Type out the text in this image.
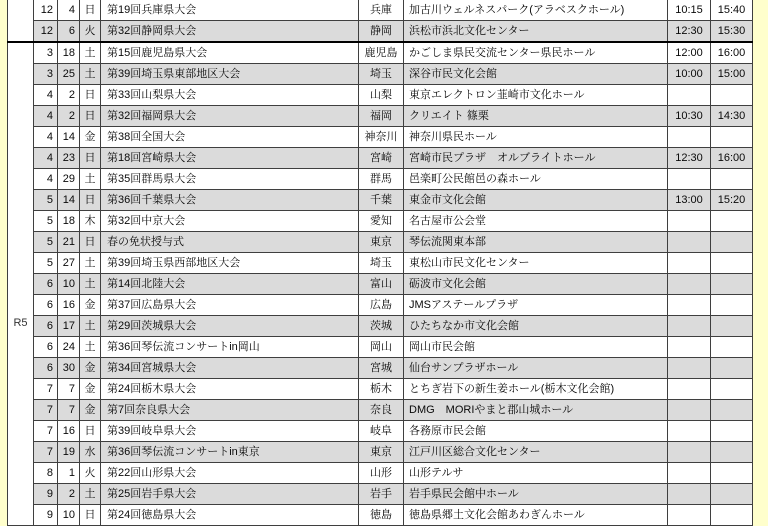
	12	4	日	第19回兵庫県大会	兵庫	加古川ウェルネスパーク(アラベスクホール)	10:15	15:40
	12	6	火	第32回静岡県大会	静岡	浜松市浜北文化センター	12:30	15:30

R5	3	18	土	第15回鹿児島県大会	鹿児島	かごしま県民交流センター県民ホール	12:00	16:00
	3	25	土	第39回埼玉県東部地区大会	埼玉	深谷市民文化会館	10:00	15:00
	4	2	日	第33回山梨県大会	山梨	東京エレクトロン韮崎市文化ホール		
	4	2	日	第32回福岡県大会	福岡	クリエイト 篠栗	10:30	14:30
	4	14	金	第38回全国大会	神奈川	神奈川県民ホール		
	4	23	日	第18回宮崎県大会	宮崎	宮崎市民プラザ　オルブライトホール	12:30	16:00
	4	29	土	第35回群馬県大会	群馬	邑楽町公民館邑の森ホール		
	5	14	日	第36回千葉県大会	千葉	東金市文化会館	13:00	15:20
	5	18	木	第32回中京大会	愛知	名古屋市公会堂		
	5	21	日	春の免状授与式	東京	琴伝流関東本部		
	5	27	土	第39回埼玉県西部地区大会	埼玉	東松山市民文化センター		
	6	10	土	第14回北陸大会	富山	砺波市文化会館		
	6	16	金	第37回広島県大会	広島	JMSアステールプラザ		
	6	17	土	第29回茨城県大会	茨城	ひたちなか市文化会館		
	6	24	土	第36回琴伝流コンサートin岡山	岡山	岡山市民会館		
	6	30	金	第34回宮城県大会	宮城	仙台サンプラザホール		
	7	7	金	第24回栃木県大会	栃木	とちぎ岩下の新生姜ホール(栃木文化会館)		
	7	7	金	第7回奈良県大会	奈良	DMG　MORIやまと郡山城ホール		
	7	16	日	第39回岐阜県大会	岐阜	各務原市民会館		
	7	19	水	第36回琴伝流コンサートin東京	東京	江戸川区総合文化センター		
	8	1	火	第22回山形県大会	山形	山形テルサ		
	9	2	土	第25回岩手県大会	岩手	岩手県民会館中ホール		
	9	10	日	第24回徳島県大会	徳島	徳島県郷土文化会館あわぎんホール		
